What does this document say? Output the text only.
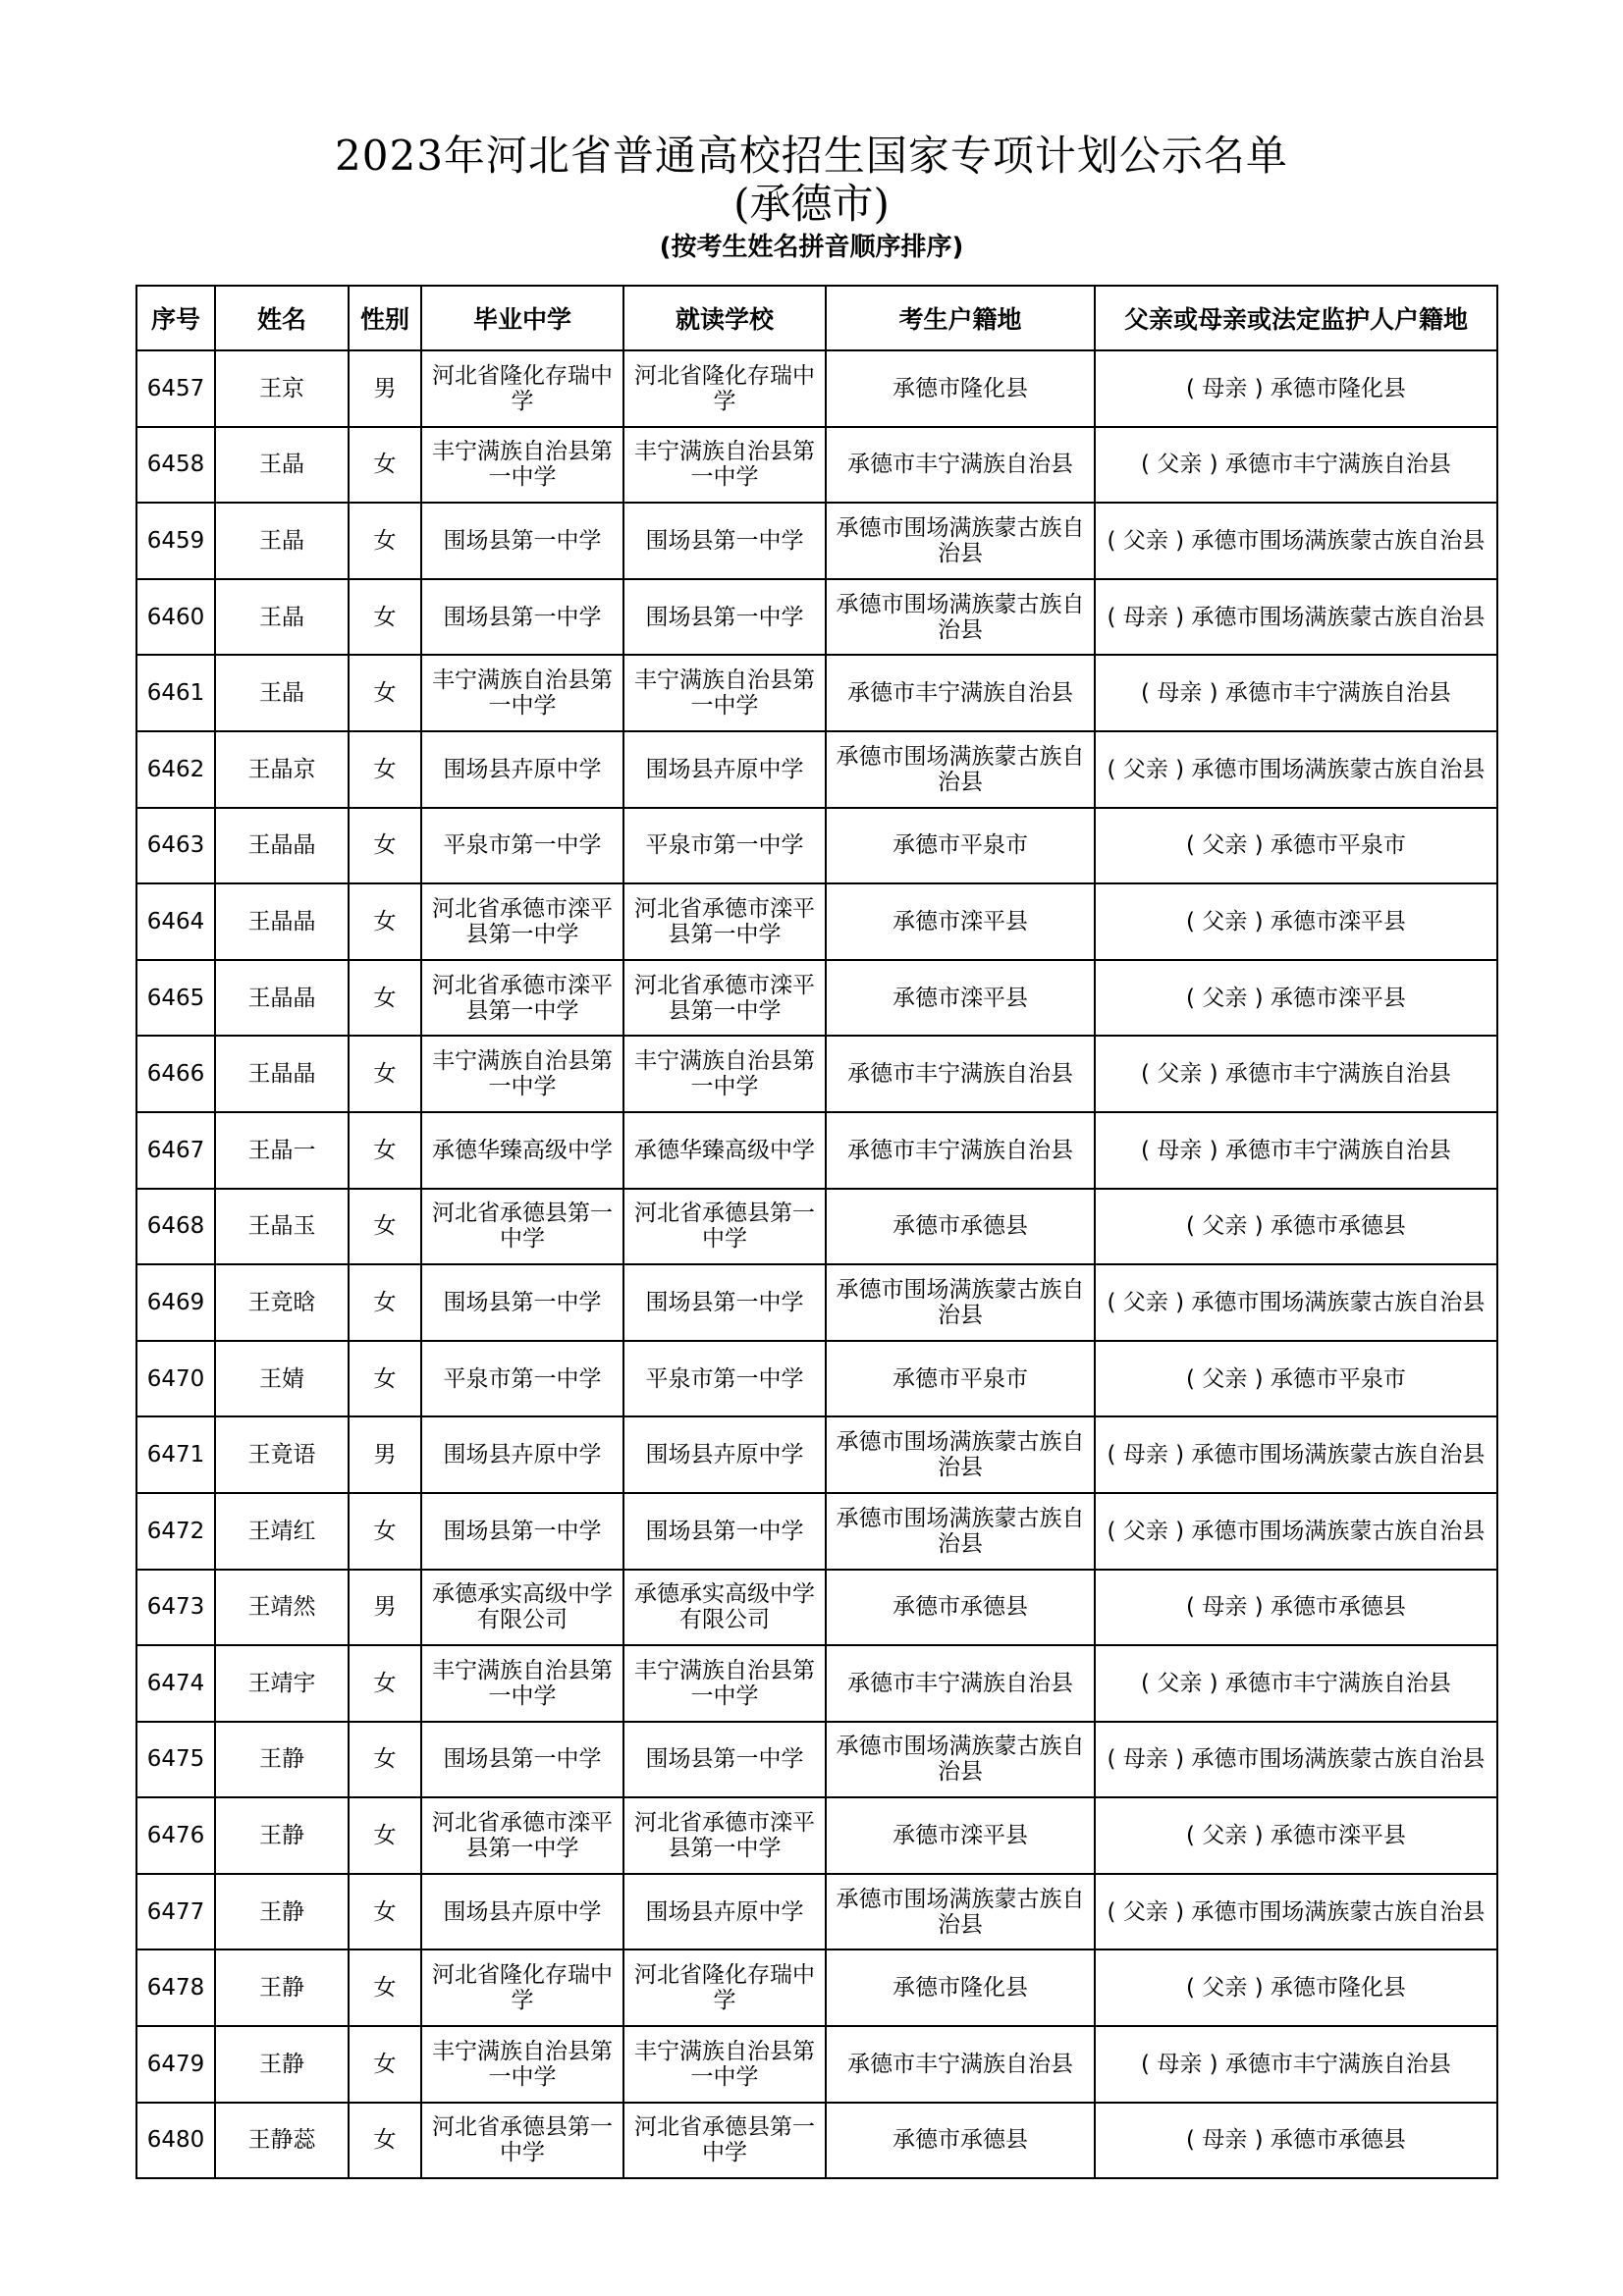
2023年河北省普通高校招生国家专项计划公示名单
(承德市)
(按考生姓名拼音顺序排序)
序号	姓名	性别	毕业中学	就读学校	考生户籍地	父亲或母亲或法定监护人户籍地
6457	王京	男	河北省隆化存瑞中学	河北省隆化存瑞中学	承德市隆化县	( 母亲 ) 承德市隆化县
6458	王晶	女	丰宁满族自治县第一中学	丰宁满族自治县第一中学	承德市丰宁满族自治县	( 父亲 ) 承德市丰宁满族自治县
6459	王晶	女	围场县第一中学	围场县第一中学	承德市围场满族蒙古族自治县	( 父亲 ) 承德市围场满族蒙古族自治县
6460	王晶	女	围场县第一中学	围场县第一中学	承德市围场满族蒙古族自治县	( 母亲 ) 承德市围场满族蒙古族自治县
6461	王晶	女	丰宁满族自治县第一中学	丰宁满族自治县第一中学	承德市丰宁满族自治县	( 母亲 ) 承德市丰宁满族自治县
6462	王晶京	女	围场县卉原中学	围场县卉原中学	承德市围场满族蒙古族自治县	( 父亲 ) 承德市围场满族蒙古族自治县
6463	王晶晶	女	平泉市第一中学	平泉市第一中学	承德市平泉市	( 父亲 ) 承德市平泉市
6464	王晶晶	女	河北省承德市滦平县第一中学	河北省承德市滦平县第一中学	承德市滦平县	( 父亲 ) 承德市滦平县
6465	王晶晶	女	河北省承德市滦平县第一中学	河北省承德市滦平县第一中学	承德市滦平县	( 父亲 ) 承德市滦平县
6466	王晶晶	女	丰宁满族自治县第一中学	丰宁满族自治县第一中学	承德市丰宁满族自治县	( 父亲 ) 承德市丰宁满族自治县
6467	王晶一	女	承德华臻高级中学	承德华臻高级中学	承德市丰宁满族自治县	( 母亲 ) 承德市丰宁满族自治县
6468	王晶玉	女	河北省承德县第一中学	河北省承德县第一中学	承德市承德县	( 父亲 ) 承德市承德县
6469	王竞晗	女	围场县第一中学	围场县第一中学	承德市围场满族蒙古族自治县	( 父亲 ) 承德市围场满族蒙古族自治县
6470	王婧	女	平泉市第一中学	平泉市第一中学	承德市平泉市	( 父亲 ) 承德市平泉市
6471	王竟语	男	围场县卉原中学	围场县卉原中学	承德市围场满族蒙古族自治县	( 母亲 ) 承德市围场满族蒙古族自治县
6472	王靖红	女	围场县第一中学	围场县第一中学	承德市围场满族蒙古族自治县	( 父亲 ) 承德市围场满族蒙古族自治县
6473	王靖然	男	承德承实高级中学有限公司	承德承实高级中学有限公司	承德市承德县	( 母亲 ) 承德市承德县
6474	王靖宇	女	丰宁满族自治县第一中学	丰宁满族自治县第一中学	承德市丰宁满族自治县	( 父亲 ) 承德市丰宁满族自治县
6475	王静	女	围场县第一中学	围场县第一中学	承德市围场满族蒙古族自治县	( 母亲 ) 承德市围场满族蒙古族自治县
6476	王静	女	河北省承德市滦平县第一中学	河北省承德市滦平县第一中学	承德市滦平县	( 父亲 ) 承德市滦平县
6477	王静	女	围场县卉原中学	围场县卉原中学	承德市围场满族蒙古族自治县	( 父亲 ) 承德市围场满族蒙古族自治县
6478	王静	女	河北省隆化存瑞中学	河北省隆化存瑞中学	承德市隆化县	( 父亲 ) 承德市隆化县
6479	王静	女	丰宁满族自治县第一中学	丰宁满族自治县第一中学	承德市丰宁满族自治县	( 母亲 ) 承德市丰宁满族自治县
6480	王静蕊	女	河北省承德县第一中学	河北省承德县第一中学	承德市承德县	( 母亲 ) 承德市承德县
